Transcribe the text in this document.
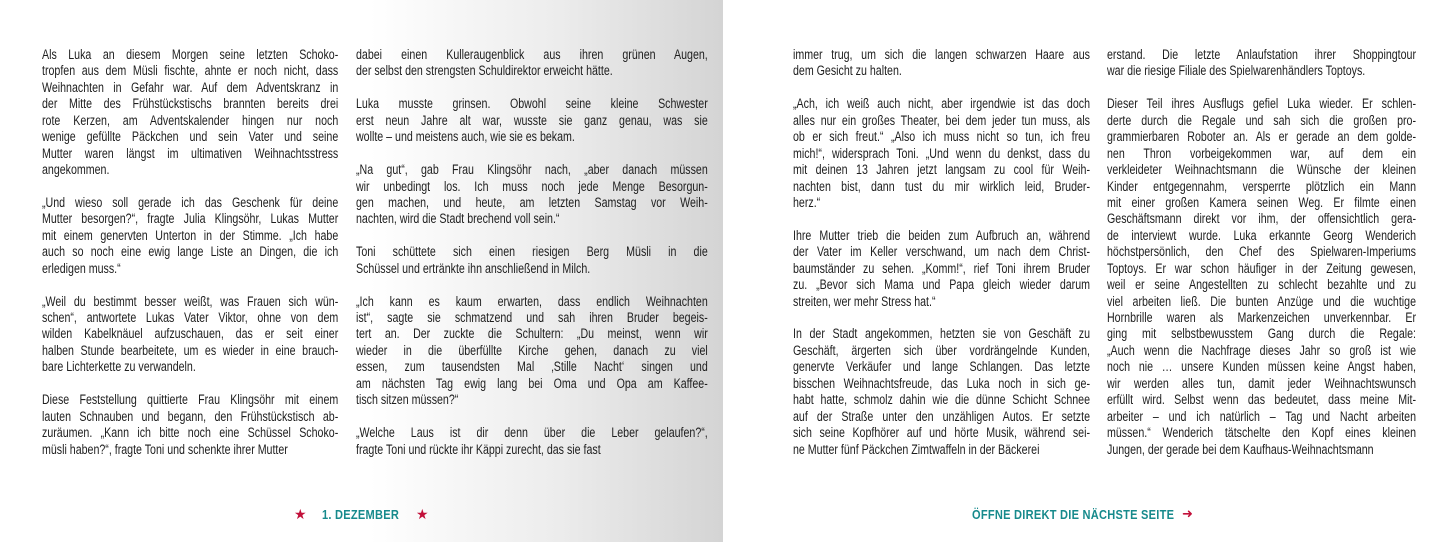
Als Luka an diesem Morgen seine letzten Schoko-
tropfen aus dem Müsli fischte, ahnte er noch nicht, dass
Weihnachten in Gefahr war. Auf dem Adventskranz in
der Mitte des Frühstückstischs brannten bereits drei
rote Kerzen, am Adventskalender hingen nur noch
wenige gefüllte Päckchen und sein Vater und seine
Mutter waren längst im ultimativen Weihnachtsstress
angekommen.
„Und wieso soll gerade ich das Geschenk für deine
Mutter besorgen?“, fragte Julia Klingsöhr, Lukas Mutter
mit einem genervten Unterton in der Stimme. „Ich habe
auch so noch eine ewig lange Liste an Dingen, die ich
erledigen muss.“
„Weil du bestimmt besser weißt, was Frauen sich wün-
schen“, antwortete Lukas Vater Viktor, ohne von dem
wilden Kabelknäuel aufzuschauen, das er seit einer
halben Stunde bearbeitete, um es wieder in eine brauch-
bare Lichterkette zu verwandeln.
Diese Feststellung quittierte Frau Klingsöhr mit einem
lauten Schnauben und begann, den Frühstückstisch ab-
zuräumen. „Kann ich bitte noch eine Schüssel Schoko-
müsli haben?“, fragte Toni und schenkte ihrer Mutter
dabei einen Kulleraugenblick aus ihren grünen Augen,
der selbst den strengsten Schuldirektor erweicht hätte.
Luka musste grinsen. Obwohl seine kleine Schwester
erst neun Jahre alt war, wusste sie ganz genau, was sie
wollte – und meistens auch, wie sie es bekam.
„Na gut“, gab Frau Klingsöhr nach, „aber danach müssen
wir unbedingt los. Ich muss noch jede Menge Besorgun-
gen machen, und heute, am letzten Samstag vor Weih-
nachten, wird die Stadt brechend voll sein.“
Toni schüttete sich einen riesigen Berg Müsli in die
Schüssel und ertränkte ihn anschließend in Milch.
„Ich kann es kaum erwarten, dass endlich Weihnachten
ist“, sagte sie schmatzend und sah ihren Bruder begeis-
tert an. Der zuckte die Schultern: „Du meinst, wenn wir
wieder in die überfüllte Kirche gehen, danach zu viel
essen, zum tausendsten Mal ‚Stille Nacht‘ singen und
am nächsten Tag ewig lang bei Oma und Opa am Kaffee-
tisch sitzen müssen?“
„Welche Laus ist dir denn über die Leber gelaufen?“,
fragte Toni und rückte ihr Käppi zurecht, das sie fast
★ 1. DEZEMBER	★
immer trug, um sich die langen schwarzen Haare aus
dem Gesicht zu halten.
„Ach, ich weiß auch nicht, aber irgendwie ist das doch
alles nur ein großes Theater, bei dem jeder tun muss, als
ob er sich freut.“ „Also ich muss nicht so tun, ich freu
mich!“, widersprach Toni. „Und wenn du denkst, dass du
mit deinen 13 Jahren jetzt langsam zu cool für Weih-
nachten bist, dann tust du mir wirklich leid, Bruder-
herz.“
Ihre Mutter trieb die beiden zum Aufbruch an, während
der Vater im Keller verschwand, um nach dem Christ-
baumständer zu sehen. „Komm!“, rief Toni ihrem Bruder
zu. „Bevor sich Mama und Papa gleich wieder darum
streiten, wer mehr Stress hat.“
In der Stadt angekommen, hetzten sie von Geschäft zu
Geschäft, ärgerten sich über vordrängelnde Kunden,
genervte Verkäufer und lange Schlangen. Das letzte
bisschen Weihnachtsfreude, das Luka noch in sich ge-
habt hatte, schmolz dahin wie die dünne Schicht Schnee
auf der Straße unter den unzähligen Autos. Er setzte
sich seine Kopfhörer auf und hörte Musik, während sei-
ne Mutter fünf Päckchen Zimtwaffeln in der Bäckerei
erstand. Die letzte Anlaufstation ihrer Shoppingtour
war die riesige Filiale des Spielwarenhändlers Toptoys.
Dieser Teil ihres Ausflugs gefiel Luka wieder. Er schlen-
derte durch die Regale und sah sich die großen pro-
grammierbaren Roboter an. Als er gerade an dem golde-
nen Thron vorbeigekommen war, auf dem ein
verkleideter Weihnachtsmann die Wünsche der kleinen
Kinder entgegennahm, versperrte plötzlich ein Mann
mit einer großen Kamera seinen Weg. Er filmte einen
Geschäftsmann direkt vor ihm, der offensichtlich gera-
de interviewt wurde. Luka erkannte Georg Wenderich
höchstpersönlich, den Chef des Spielwaren-Imperiums
Toptoys. Er war schon häufiger in der Zeitung gewesen,
weil er seine Angestellten zu schlecht bezahlte und zu
viel arbeiten ließ. Die bunten Anzüge und die wuchtige
Hornbrille waren als Markenzeichen unverkennbar. Er
ging mit selbstbewusstem Gang durch die Regale:
„Auch wenn die Nachfrage dieses Jahr so groß ist wie
noch nie … unsere Kunden müssen keine Angst haben,
wir werden alles tun, damit jeder Weihnachtswunsch
erfüllt wird. Selbst wenn das bedeutet, dass meine Mit-
arbeiter – und ich natürlich – Tag und Nacht arbeiten
müssen.“ Wenderich tätschelte den Kopf eines kleinen
Jungen, der gerade bei dem Kaufhaus-Weihnachtsmann
ÖFFNE DIREKT DIE NÄCHSTE SEITE ➜
